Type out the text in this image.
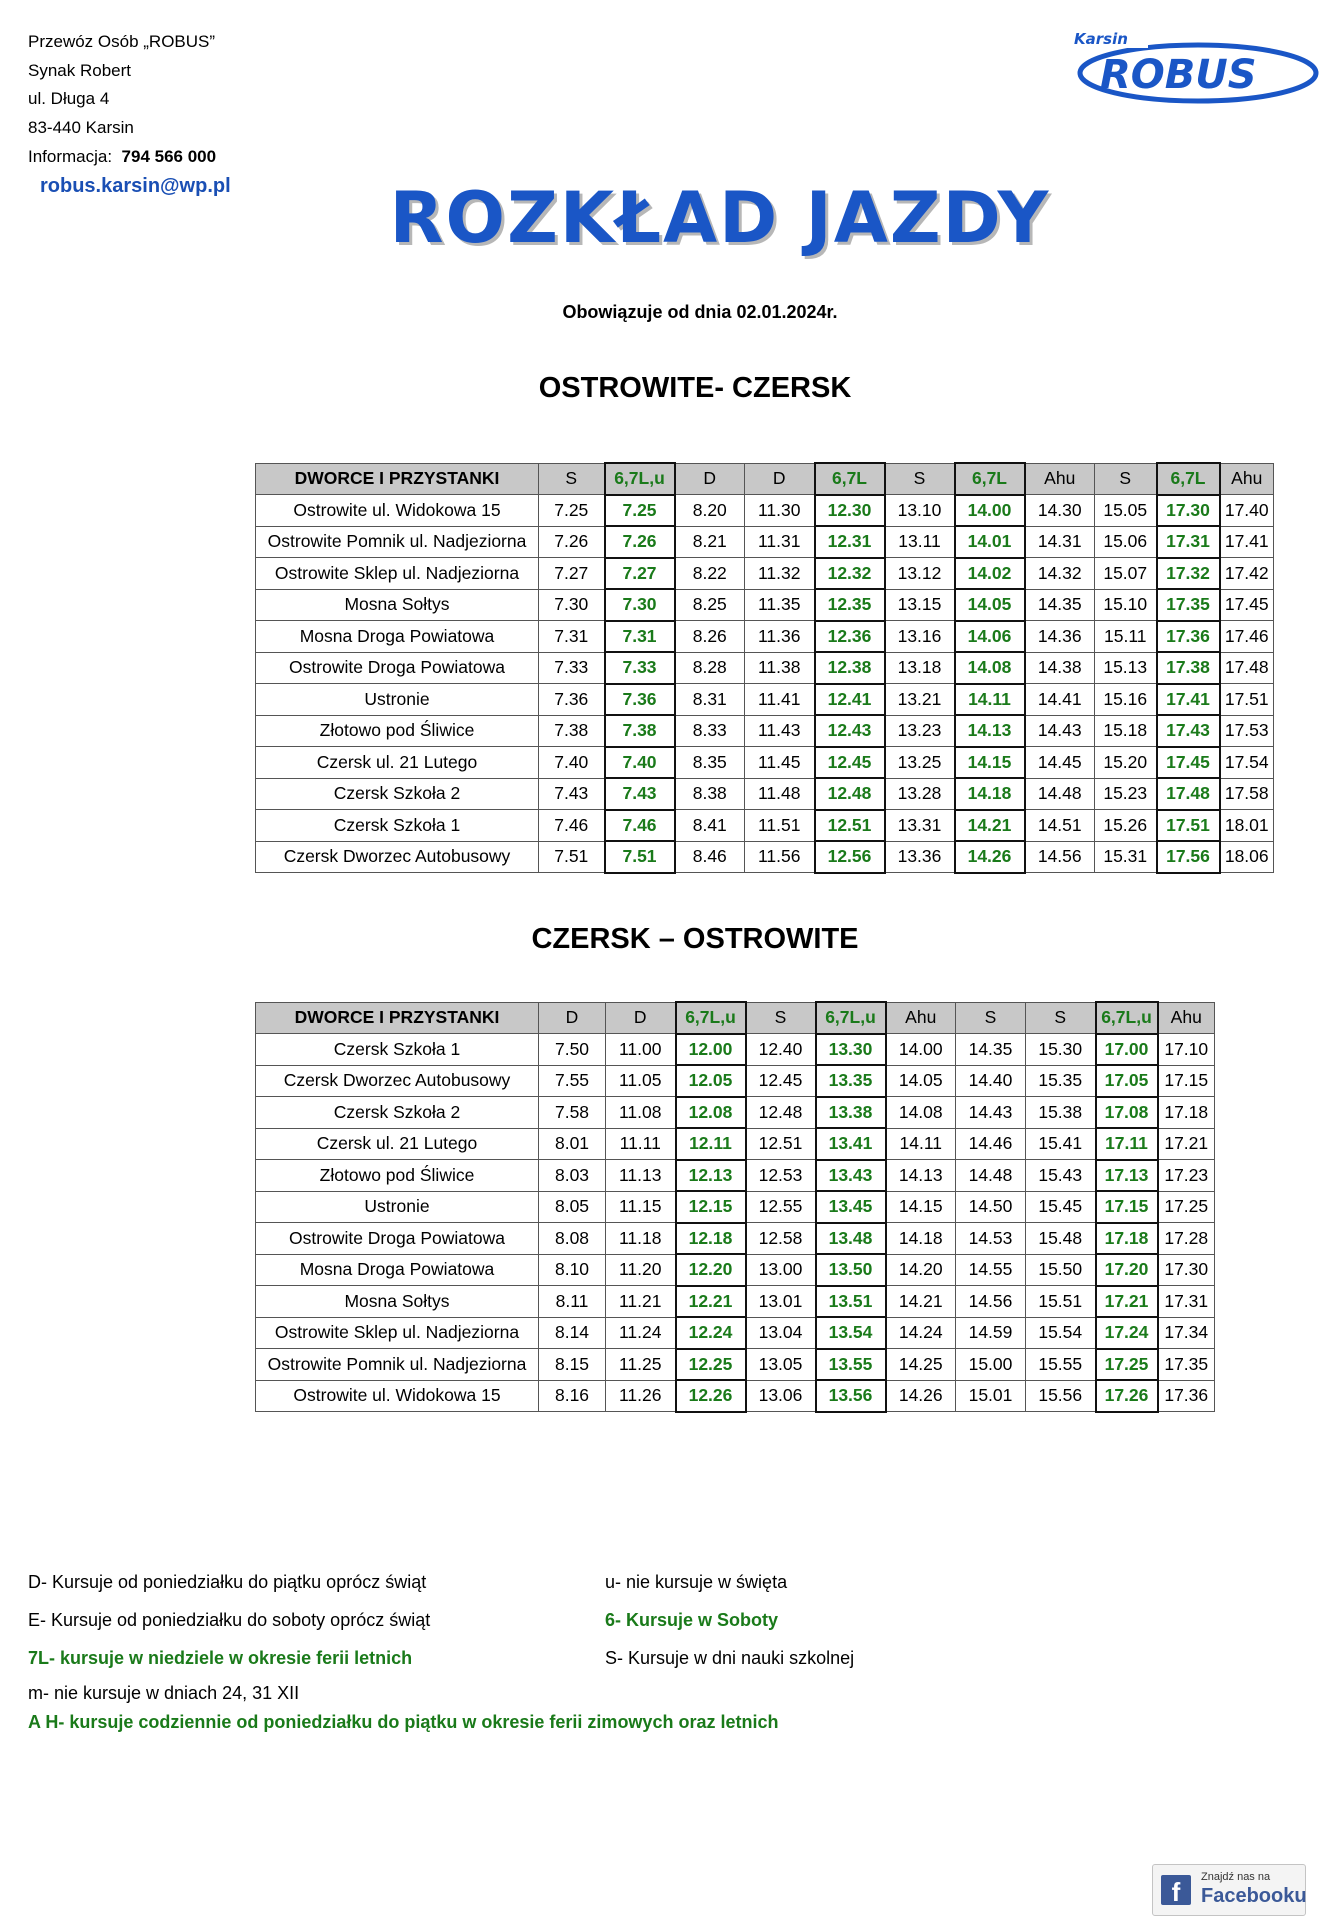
Przewóz Osób „ROBUS”
Synak Robert
ul. Długa 4
83-440 Karsin
Informacja: 794 566 000
robus.karsin@wp.pl
Karsin
ROBUS
ROZKŁAD JAZDY
Obowiązuje od dnia 02.01.2024r.
OSTROWITE- CZERSK
DWORCE I PRZYSTANKI	S	6,7L,u	D	D	6,7L	S	6,7L	Ahu	S	6,7L	Ahu
Ostrowite ul. Widokowa 15	7.25	7.25	8.20	11.30	12.30	13.10	14.00	14.30	15.05	17.30	17.40
Ostrowite Pomnik ul. Nadjeziorna	7.26	7.26	8.21	11.31	12.31	13.11	14.01	14.31	15.06	17.31	17.41
Ostrowite Sklep ul. Nadjeziorna	7.27	7.27	8.22	11.32	12.32	13.12	14.02	14.32	15.07	17.32	17.42
Mosna Sołtys	7.30	7.30	8.25	11.35	12.35	13.15	14.05	14.35	15.10	17.35	17.45
Mosna Droga Powiatowa	7.31	7.31	8.26	11.36	12.36	13.16	14.06	14.36	15.11	17.36	17.46
Ostrowite Droga Powiatowa	7.33	7.33	8.28	11.38	12.38	13.18	14.08	14.38	15.13	17.38	17.48
Ustronie	7.36	7.36	8.31	11.41	12.41	13.21	14.11	14.41	15.16	17.41	17.51
Złotowo pod Śliwice	7.38	7.38	8.33	11.43	12.43	13.23	14.13	14.43	15.18	17.43	17.53
Czersk ul. 21 Lutego	7.40	7.40	8.35	11.45	12.45	13.25	14.15	14.45	15.20	17.45	17.54
Czersk Szkoła 2	7.43	7.43	8.38	11.48	12.48	13.28	14.18	14.48	15.23	17.48	17.58
Czersk Szkoła 1	7.46	7.46	8.41	11.51	12.51	13.31	14.21	14.51	15.26	17.51	18.01
Czersk Dworzec Autobusowy	7.51	7.51	8.46	11.56	12.56	13.36	14.26	14.56	15.31	17.56	18.06
CZERSK – OSTROWITE
DWORCE I PRZYSTANKI	D	D	6,7L,u	S	6,7L,u	Ahu	S	S	6,7L,u	Ahu
Czersk Szkoła 1	7.50	11.00	12.00	12.40	13.30	14.00	14.35	15.30	17.00	17.10
Czersk Dworzec Autobusowy	7.55	11.05	12.05	12.45	13.35	14.05	14.40	15.35	17.05	17.15
Czersk Szkoła 2	7.58	11.08	12.08	12.48	13.38	14.08	14.43	15.38	17.08	17.18
Czersk ul. 21 Lutego	8.01	11.11	12.11	12.51	13.41	14.11	14.46	15.41	17.11	17.21
Złotowo pod Śliwice	8.03	11.13	12.13	12.53	13.43	14.13	14.48	15.43	17.13	17.23
Ustronie	8.05	11.15	12.15	12.55	13.45	14.15	14.50	15.45	17.15	17.25
Ostrowite Droga Powiatowa	8.08	11.18	12.18	12.58	13.48	14.18	14.53	15.48	17.18	17.28
Mosna Droga Powiatowa	8.10	11.20	12.20	13.00	13.50	14.20	14.55	15.50	17.20	17.30
Mosna Sołtys	8.11	11.21	12.21	13.01	13.51	14.21	14.56	15.51	17.21	17.31
Ostrowite Sklep ul. Nadjeziorna	8.14	11.24	12.24	13.04	13.54	14.24	14.59	15.54	17.24	17.34
Ostrowite Pomnik ul. Nadjeziorna	8.15	11.25	12.25	13.05	13.55	14.25	15.00	15.55	17.25	17.35
Ostrowite ul. Widokowa 15	8.16	11.26	12.26	13.06	13.56	14.26	15.01	15.56	17.26	17.36
D- Kursuje od poniedziałku do piątku oprócz świąt
E- Kursuje od poniedziałku do soboty oprócz świąt
7L- kursuje w niedziele w okresie ferii letnich
m- nie kursuje w dniach 24, 31 XII
A H- kursuje codziennie od poniedziałku do piątku w okresie ferii zimowych oraz letnich
u- nie kursuje w święta
6- Kursuje w Soboty
S- Kursuje w dni nauki szkolnej
f	Znajdź nas na
Facebooku
